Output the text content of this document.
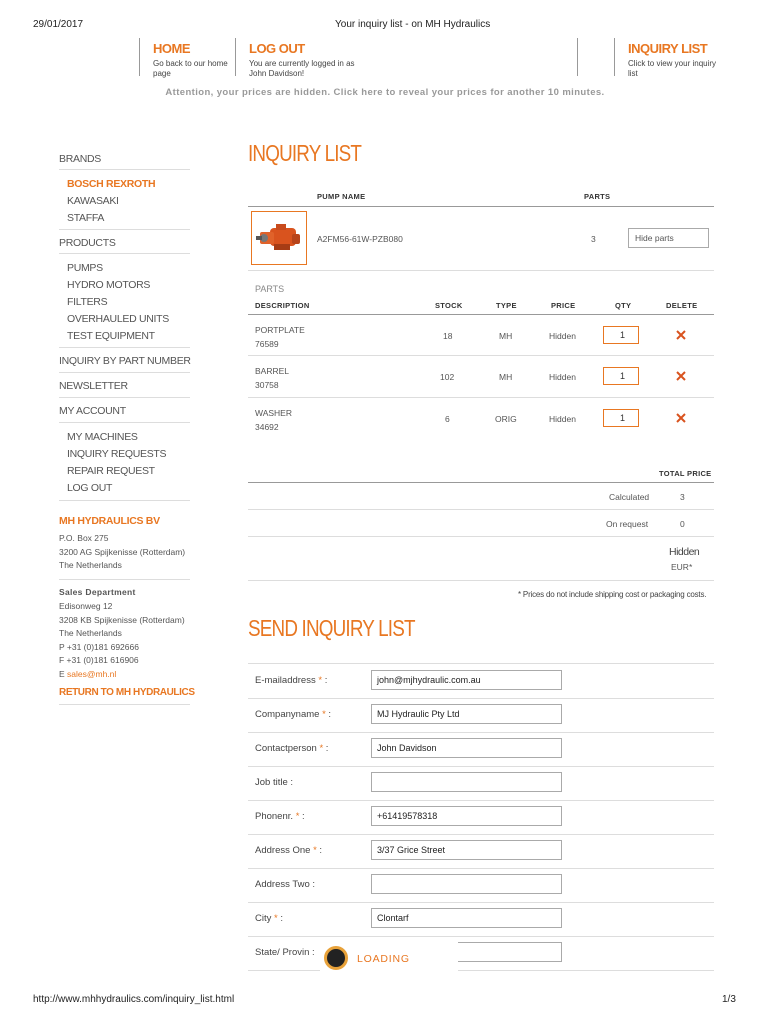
29/01/2017	Your inquiry list - on MH Hydraulics
HOME
Go back to our home page
LOG OUT
You are currently logged in as John Davidson!
INQUIRY LIST
Click to view your inquiry list
Attention, your prices are hidden. Click here to reveal your prices for another 10 minutes.
BRANDS
BOSCH REXROTH
KAWASAKI
STAFFA
PRODUCTS
PUMPS
HYDRO MOTORS
FILTERS
OVERHAULED UNITS
TEST EQUIPMENT
INQUIRY BY PART NUMBER
NEWSLETTER
MY ACCOUNT
MY MACHINES
INQUIRY REQUESTS
REPAIR REQUEST
LOG OUT
MH HYDRAULICS BV
P.O. Box 275
3200 AG Spijkenisse (Rotterdam)
The Netherlands
Sales Department
Edisonweg 12
3208 KB Spijkenisse (Rotterdam)
The Netherlands
P +31 (0)181 692666
F +31 (0)181 616906
E sales@mh.nl
RETURN TO MH HYDRAULICS
INQUIRY LIST
PUMP NAME	PARTS
A2FM56-61W-PZB080	3	Hide parts
PARTS
DESCRIPTION	STOCK	TYPE	PRICE	QTY	DELETE
PORTPLATE
76589
18	MH	Hidden	1
BARREL
30758
102	MH	Hidden	1
WASHER
34692
6	ORIG	Hidden	1
TOTAL PRICE
Calculated	3
On request	0
Hidden
EUR*
* Prices do not include shipping cost or packaging costs.
SEND INQUIRY LIST
E-mailaddress * :	john@mjhydraulic.com.au
Companyname * :	MJ Hydraulic Pty Ltd
Contactperson * :	John Davidson
Job title :
Phonenr. * :	+61419578318
Address One * :	3/37 Grice Street
Address Two :
City * :	Clontarf
State/ Provin :
LOADING
http://www.mhhydraulics.com/inquiry_list.html	1/3
